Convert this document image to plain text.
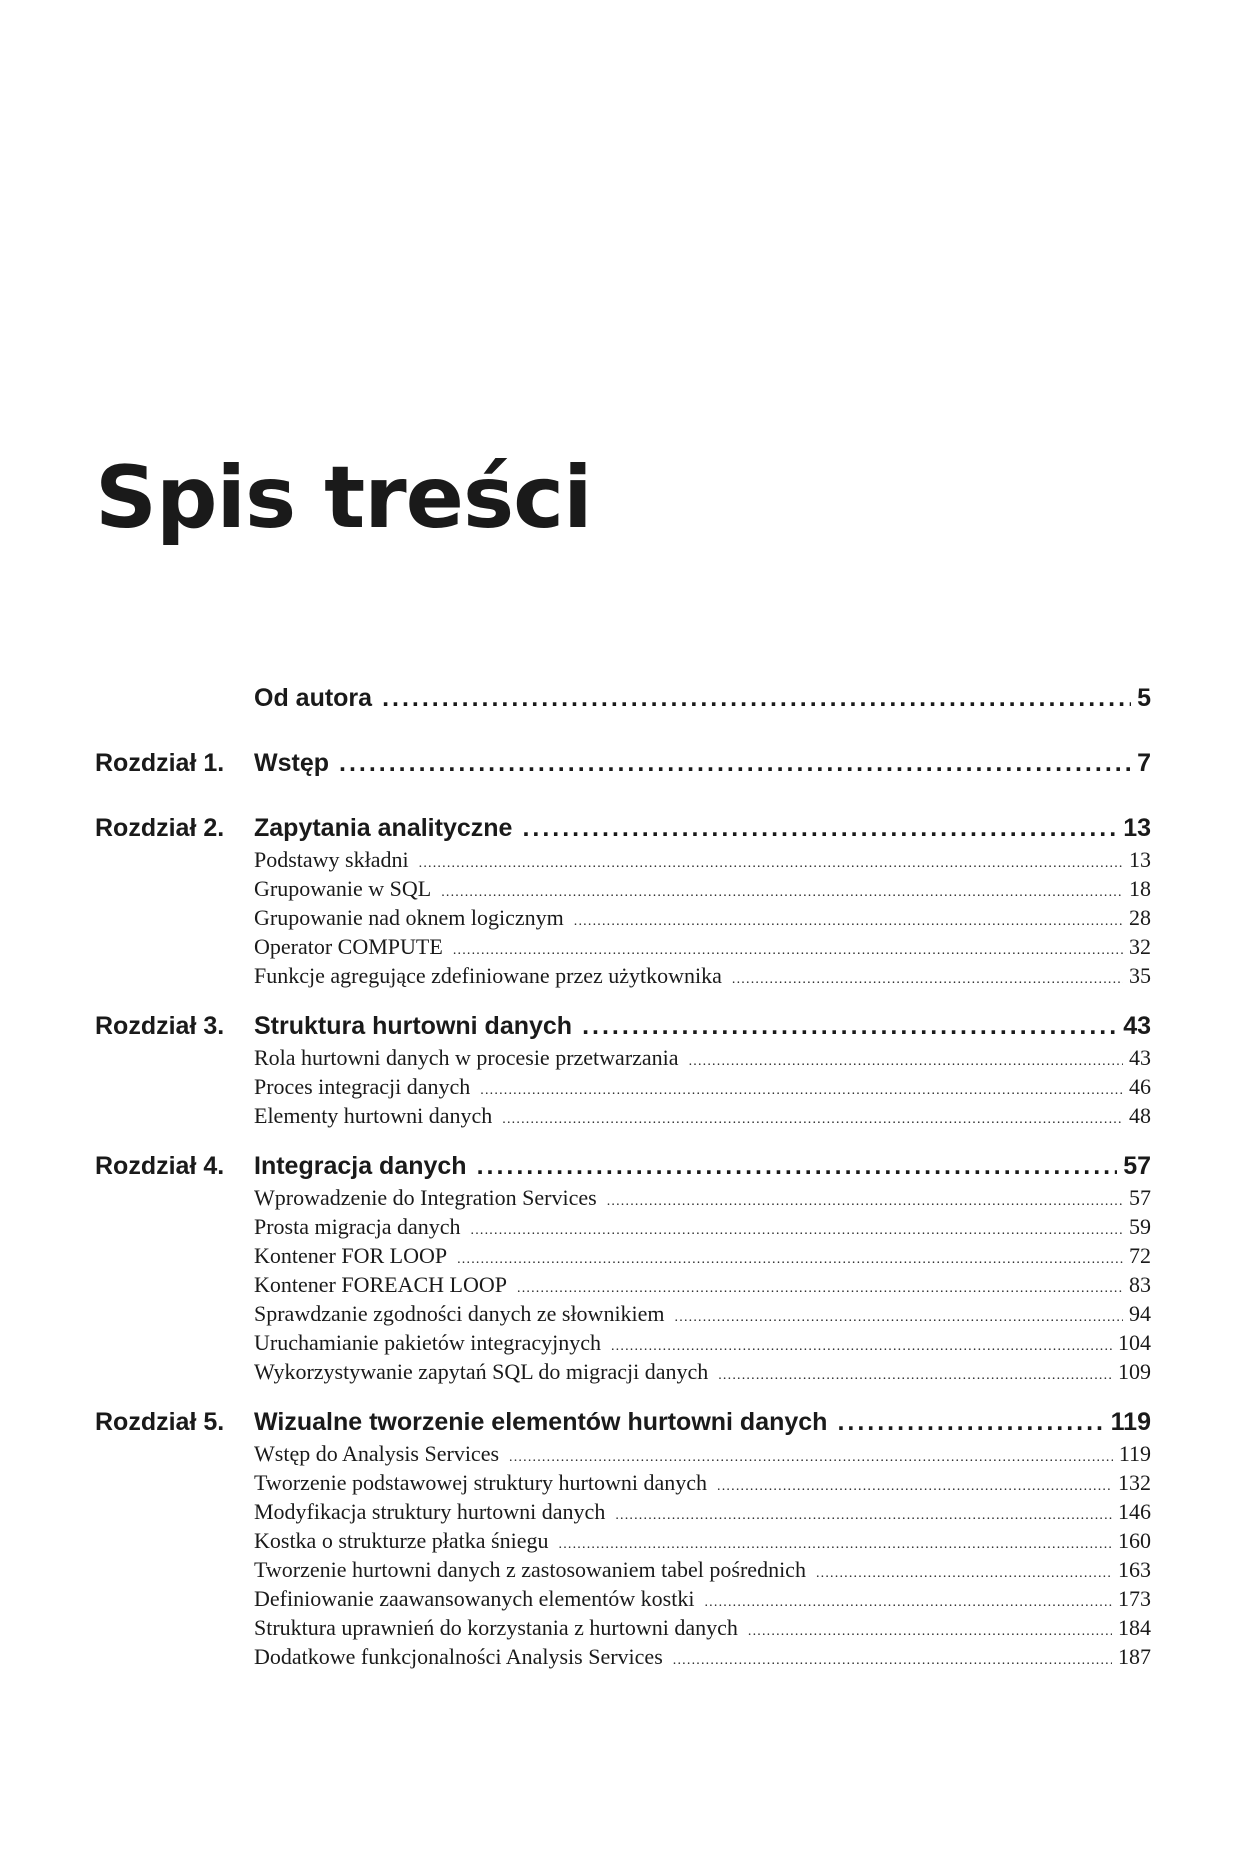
Spis treści
Od autora .....	5
Rozdział 1. Wstęp .....	7
Rozdział 2. Zapytania analityczne .....	13
Podstawy składni .....	13
Grupowanie w SQL .....	18
Grupowanie nad oknem logicznym .....	28
Operator COMPUTE .....	32
Funkcje agregujące zdefiniowane przez użytkownika .....	35
Rozdział 3. Struktura hurtowni danych .....	43
Rola hurtowni danych w procesie przetwarzania .....	43
Proces integracji danych .....	46
Elementy hurtowni danych .....	48
Rozdział 4. Integracja danych .....	57
Wprowadzenie do Integration Services .....	57
Prosta migracja danych .....	59
Kontener FOR LOOP .....	72
Kontener FOREACH LOOP .....	83
Sprawdzanie zgodności danych ze słownikiem .....	94
Uruchamianie pakietów integracyjnych .....	104
Wykorzystywanie zapytań SQL do migracji danych .....	109
Rozdział 5. Wizualne tworzenie elementów hurtowni danych .....	119
Wstęp do Analysis Services .....	119
Tworzenie podstawowej struktury hurtowni danych .....	132
Modyfikacja struktury hurtowni danych .....	146
Kostka o strukturze płatka śniegu .....	160
Tworzenie hurtowni danych z zastosowaniem tabel pośrednich .....	163
Definiowanie zaawansowanych elementów kostki .....	173
Struktura uprawnień do korzystania z hurtowni danych .....	184
Dodatkowe funkcjonalności Analysis Services .....	187
